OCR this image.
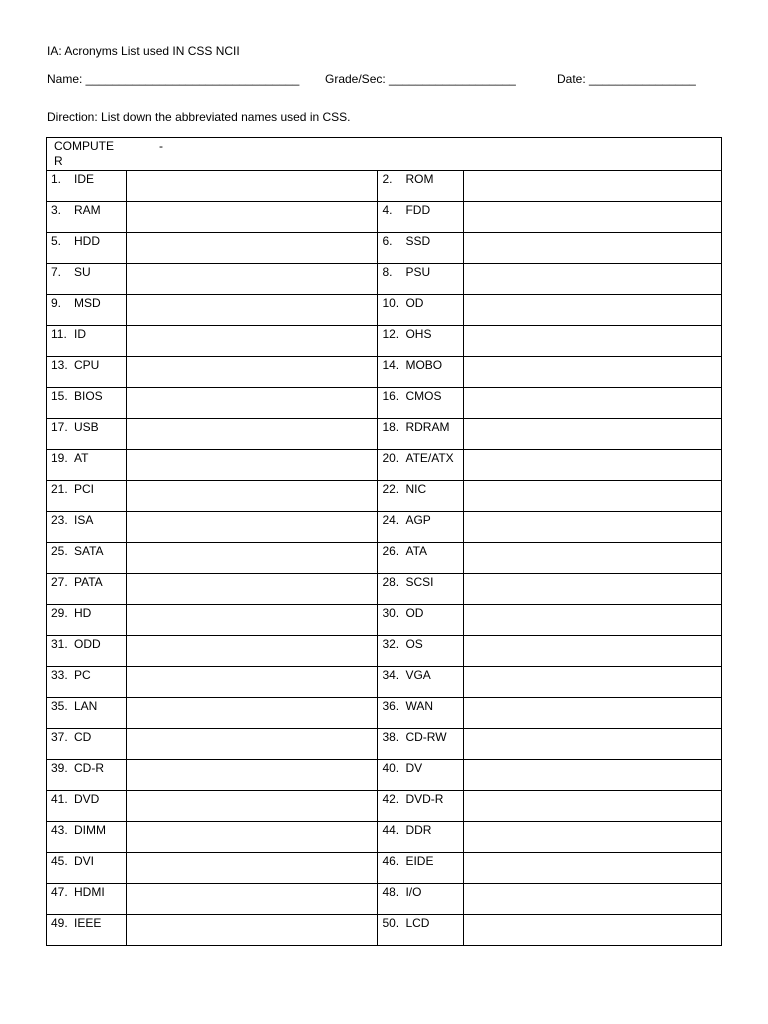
IA: Acronyms List used IN CSS NCII
Name: ________________________________ Grade/Sec: ___________________	Date: ________________
Direction: List down the abbreviated names used in CSS.
COMPUTER
-			

1. IDE		2. ROM	

3. RAM		4. FDD	

5. HDD		6. SSD	

7. SU		8. PSU	

9. MSD		10. OD	

11. ID		12. OHS	

13. CPU		14. MOBO	

15. BIOS		16. CMOS	

17. USB		18. RDRAM	

19. AT		20. ATE/ATX	

21. PCI		22. NIC	

23. ISA		24. AGP	

25. SATA		26. ATA	

27. PATA		28. SCSI	

29. HD		30. OD	

31. ODD		32. OS	

33. PC		34. VGA	

35. LAN		36. WAN	

37. CD		38. CD-RW	

39. CD-R		40. DV	

41. DVD		42. DVD-R	

43. DIMM		44. DDR	

45. DVI		46. EIDE	

47. HDMI		48. I/O	

49. IEEE		50. LCD	
